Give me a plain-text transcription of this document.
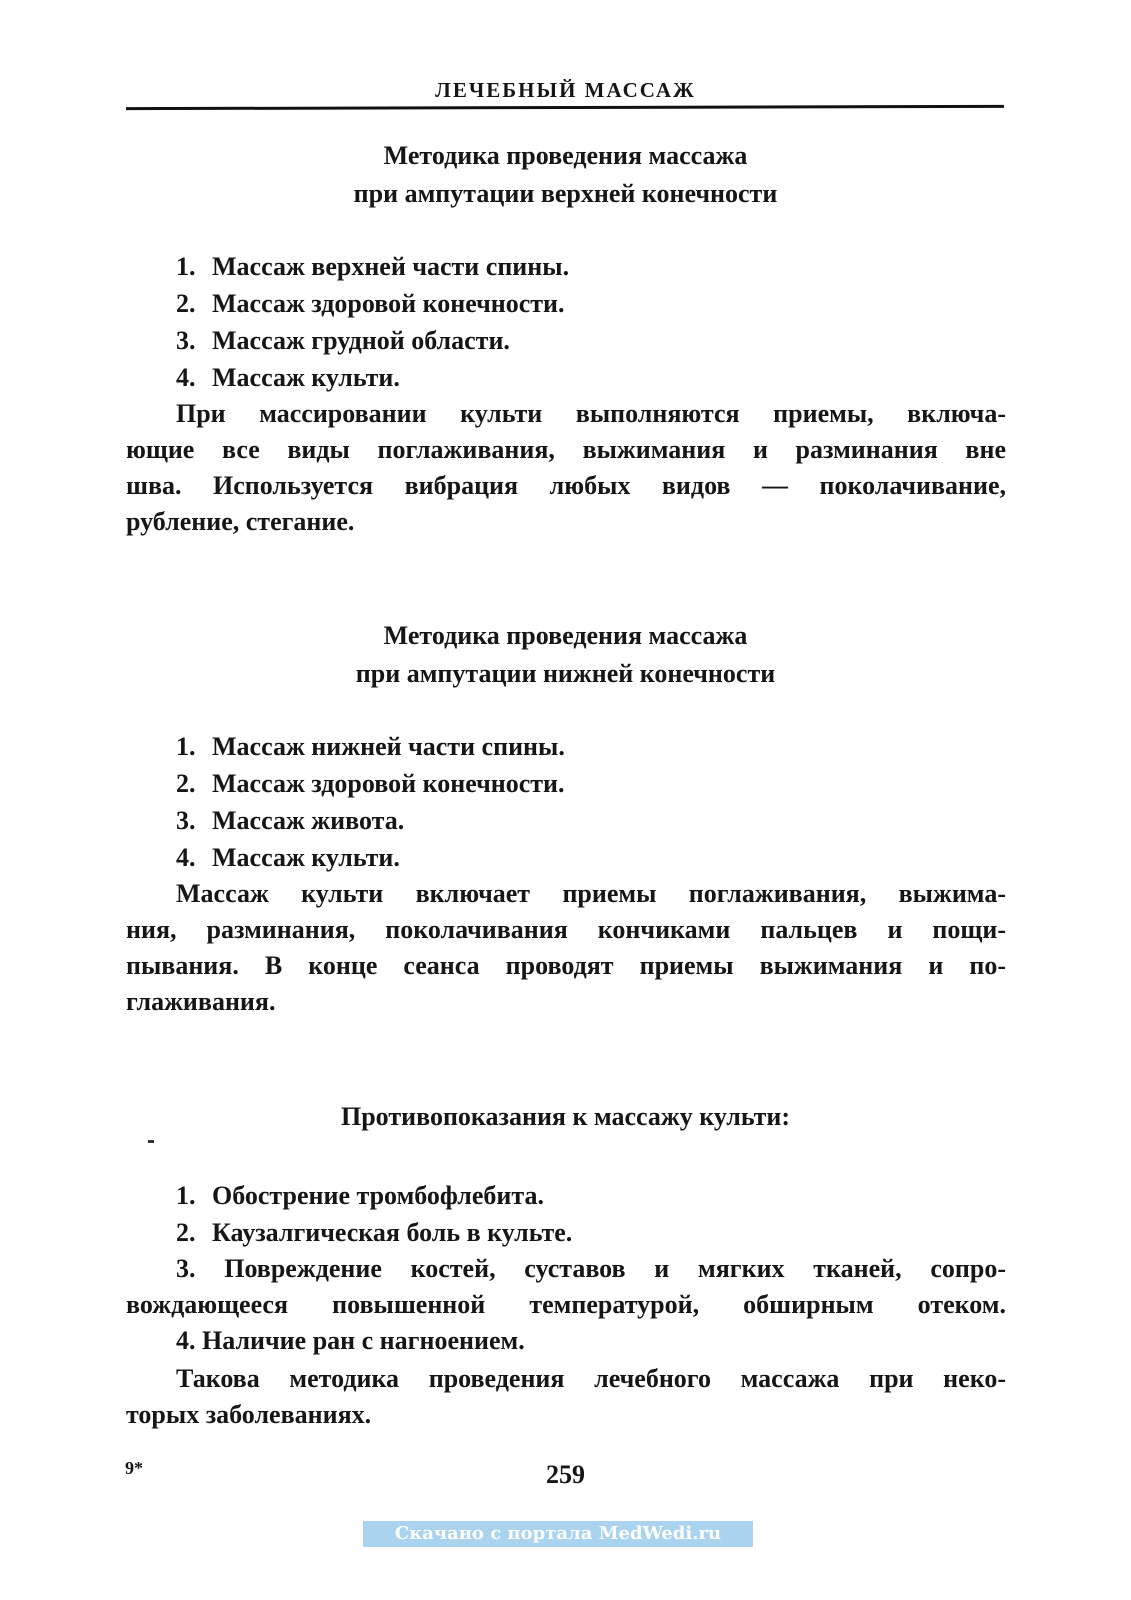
ЛЕЧЕБНЫЙ МАССАЖ
Методика проведения массажа
при ампутации верхней конечности
1. Массаж верхней части спины.
2. Массаж здоровой конечности.
3. Массаж грудной области.
4. Массаж культи.
При массировании культи выполняются приемы, включа-
ющие все виды поглаживания, выжимания и разминания вне
шва. Используется вибрация любых видов — поколачивание,
рубление, стегание.
Методика проведения массажа
при ампутации нижней конечности
1. Массаж нижней части спины.
2. Массаж здоровой конечности.
3. Массаж живота.
4. Массаж культи.
Массаж культи включает приемы поглаживания, выжима-
ния, разминания, поколачивания кончиками пальцев и пощи-
пывания. В конце сеанса проводят приемы выжимания и по-
глаживания.
Противопоказания к массажу культи:
1. Обострение тромбофлебита.
2. Каузалгическая боль в культе.
3. Повреждение костей, суставов и мягких тканей, сопро-
вождающееся повышенной температурой, обширным отеком.
4. Наличие ран с нагноением.
Такова методика проведения лечебного массажа при неко-
торых заболеваниях.
9*	259
Скачано с портала MedWedi.ru
